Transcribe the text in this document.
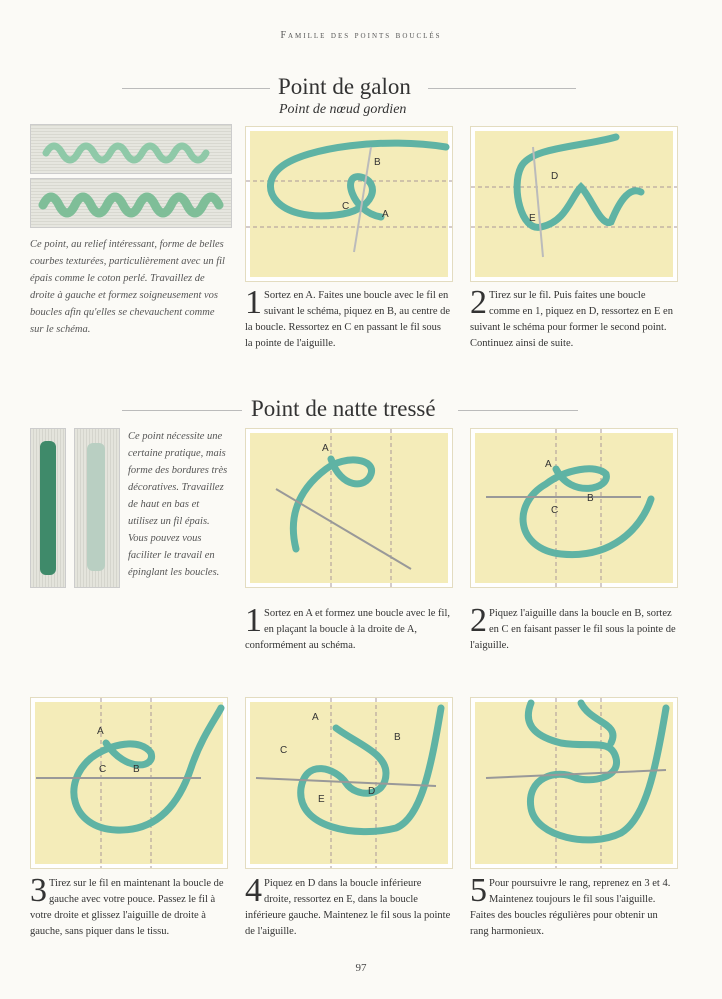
Famille des points bouclés
Point de galon
Point de nœud gordien
Ce point, au relief intéressant, forme de belles courbes texturées, particulièrement avec un fil épais comme le coton perlé. Travaillez de droite à gauche et formez soigneusement vos boucles afin qu'elles se chevauchent comme sur le schéma.
B
C
A
D
E
1 Sortez en A. Faites une boucle avec le fil en suivant le schéma, piquez en B, au centre de la boucle. Ressortez en C en passant le fil sous la pointe de l'aiguille.
2 Tirez sur le fil. Puis faites une boucle comme en 1, piquez en D, ressortez en E en suivant le schéma pour former le second point. Continuez ainsi de suite.
Point de natte tressé
Ce point nécessite une certaine pratique, mais forme des bordures très décoratives. Travaillez de haut en bas et utilisez un fil épais. Vous pouvez vous faciliter le travail en épinglant les boucles.
A
A
B
C
1 Sortez en A et formez une boucle avec le fil, en plaçant la boucle à la droite de A, conformément au schéma.
2 Piquez l'aiguille dans la boucle en B, sortez en C en faisant passer le fil sous la pointe de l'aiguille.
A
C	B
A
B
C
D
E
3 Tirez sur le fil en maintenant la boucle de gauche avec votre pouce. Passez le fil à votre droite et glissez l'aiguille de droite à gauche, sans piquer dans le tissu.
4 Piquez en D dans la boucle inférieure droite, ressortez en E, dans la boucle inférieure gauche. Maintenez le fil sous la pointe de l'aiguille.
5 Pour poursuivre le rang, reprenez en 3 et 4. Maintenez toujours le fil sous l'aiguille. Faites des boucles régulières pour obtenir un rang harmonieux.
97
